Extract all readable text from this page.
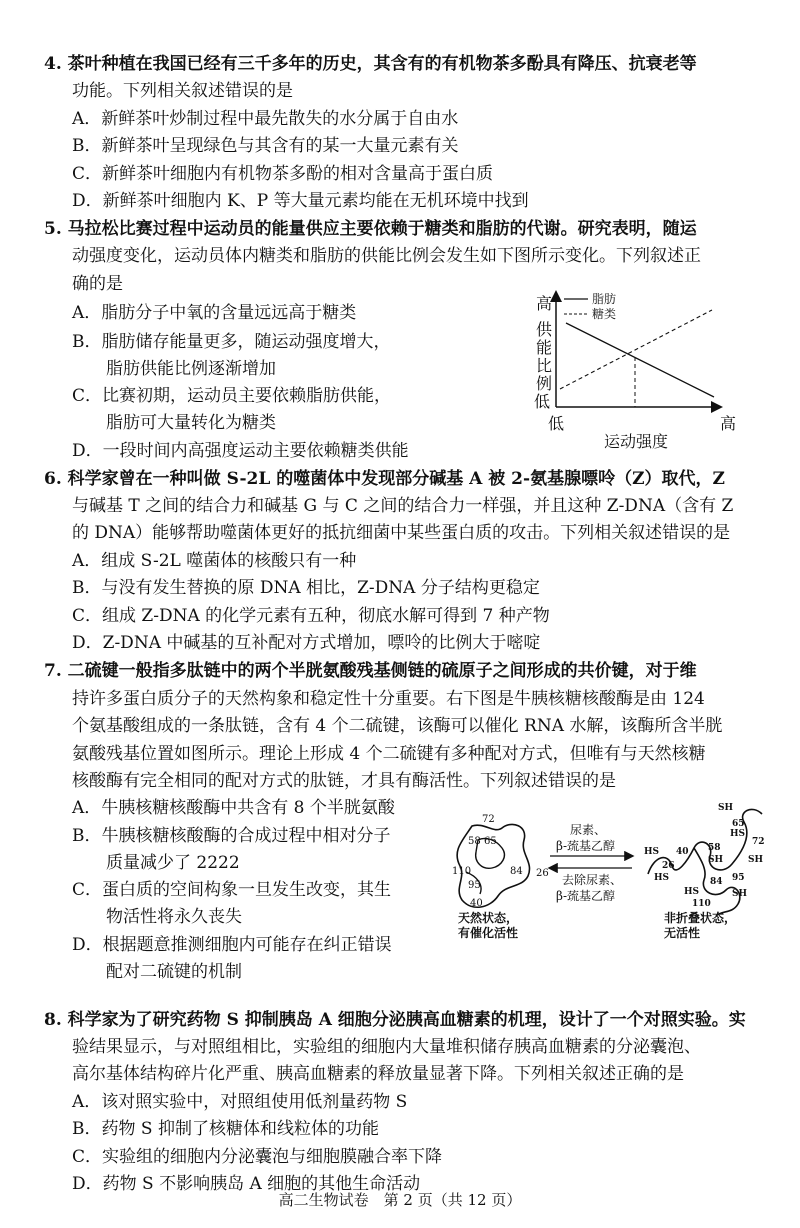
4. 茶叶种植在我国已经有三千多年的历史，其含有的有机物茶多酚具有降压、抗衰老等
功能。下列相关叙述错误的是
A．新鲜茶叶炒制过程中最先散失的水分属于自由水
B．新鲜茶叶呈现绿色与其含有的某一大量元素有关
C．新鲜茶叶细胞内有机物茶多酚的相对含量高于蛋白质
D．新鲜茶叶细胞内 K、P 等大量元素均能在无机环境中找到
5. 马拉松比赛过程中运动员的能量供应主要依赖于糖类和脂肪的代谢。研究表明，随运
动强度变化，运动员体内糖类和脂肪的供能比例会发生如下图所示变化。下列叙述正
确的是
A．脂肪分子中氧的含量远远高于糖类
B．脂肪储存能量更多，随运动强度增大，
脂肪供能比例逐渐增加
C．比赛初期，运动员主要依赖脂肪供能，
脂肪可大量转化为糖类
D．一段时间内高强度运动主要依赖糖类供能
高
供
能
比
例
低
低	高
运动强度
脂肪
糖类
6. 科学家曾在一种叫做 S-2L 的噬菌体中发现部分碱基 A 被 2-氨基腺嘌呤（Z）取代，Z
与碱基 T 之间的结合力和碱基 G 与 C 之间的结合力一样强，并且这种 Z-DNA（含有 Z
的 DNA）能够帮助噬菌体更好的抵抗细菌中某些蛋白质的攻击。下列相关叙述错误的是
A．组成 S-2L 噬菌体的核酸只有一种
B．与没有发生替换的原 DNA 相比，Z-DNA 分子结构更稳定
C．组成 Z-DNA 的化学元素有五种，彻底水解可得到 7 种产物
D．Z-DNA 中碱基的互补配对方式增加，嘌呤的比例大于嘧啶
7. 二硫键一般指多肽链中的两个半胱氨酸残基侧链的硫原子之间形成的共价键，对于维
持许多蛋白质分子的天然构象和稳定性十分重要。右下图是牛胰核糖核酸酶是由 124
个氨基酸组成的一条肽链，含有 4 个二硫键，该酶可以催化 RNA 水解，该酶所含半胱
氨酸残基位置如图所示。理论上形成 4 个二硫键有多种配对方式，但唯有与天然核糖
核酸酶有完全相同的配对方式的肽链，才具有酶活性。下列叙述错误的是
A．牛胰核糖核酸酶中共含有 8 个半胱氨酸
B．牛胰核糖核酸酶的合成过程中相对分子
质量减少了 2222
C．蛋白质的空间构象一旦发生改变，其生
物活性将永久丧失
D．根据题意推测细胞内可能存在纠正错误
配对二硫键的机制
72
58 65
110
95
84 26
40
天然状态，
有催化活性
尿素、
β-巯基乙醇
去除尿素、
β-巯基乙醇
SH
65
HS
72
HS 40 58
SH
26
HS
SH
84 95
HS
110
SH
非折叠状态，
无活性
8. 科学家为了研究药物 S 抑制胰岛 A 细胞分泌胰高血糖素的机理，设计了一个对照实验。实
验结果显示，与对照组相比，实验组的细胞内大量堆积储存胰高血糖素的分泌囊泡、
高尔基体结构碎片化严重、胰高血糖素的释放量显著下降。下列相关叙述正确的是
A．该对照实验中，对照组使用低剂量药物 S
B．药物 S 抑制了核糖体和线粒体的功能
C．实验组的细胞内分泌囊泡与细胞膜融合率下降
D．药物 S 不影响胰岛 A 细胞的其他生命活动
高二生物试卷　第 2 页（共 12 页）
